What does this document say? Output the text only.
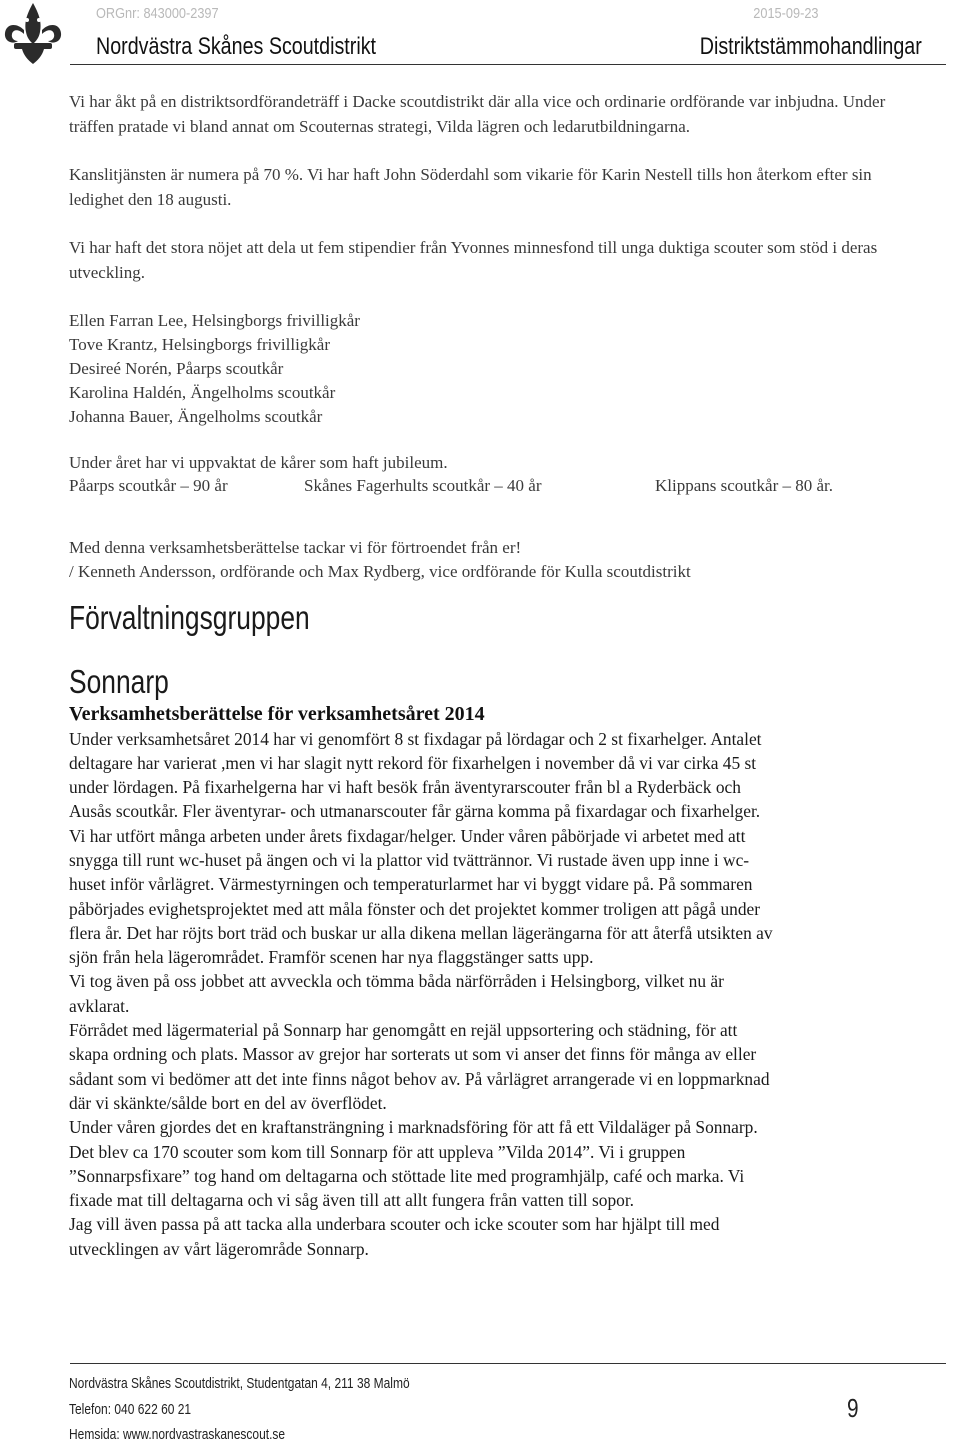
ORGnr: 843000-2397	2015-09-23
Nordvästra Skånes Scoutdistrikt	Distriktstämmohandlingar

Vi har åkt på en distriktsordförandeträff i Dacke scoutdistrikt där alla vice och ordinarie ordförande var inbjudna. Under träffen pratade vi bland annat om Scouternas strategi, Vilda lägren och ledarutbildningarna.

Kanslitjänsten är numera på 70 %. Vi har haft John Söderdahl som vikarie för Karin Nestell tills hon återkom efter sin ledighet den 18 augusti.

Vi har haft det stora nöjet att dela ut fem stipendier från Yvonnes minnesfond till unga duktiga scouter som stöd i deras utveckling.

Ellen Farran Lee, Helsingborgs frivilligkår

Tove Krantz, Helsingborgs frivilligkår

Desireé Norén, Påarps scoutkår

Karolina Haldén, Ängelholms scoutkår

Johanna Bauer, Ängelholms scoutkår

Under året har vi uppvaktat de kårer som haft jubileum.

Påarps scoutkår – 90 år	Skånes Fagerhults scoutkår – 40 år	Klippans scoutkår – 80 år.

Med denna verksamhetsberättelse tackar vi för förtroendet från er!

/ Kenneth Andersson, ordförande och Max Rydberg, vice ordförande för Kulla scoutdistrikt

Förvaltningsgruppen
Sonnarp
Verksamhetsberättelse för verksamhetsåret 2014

Under verksamhetsåret 2014 har vi genomfört 8 st fixdagar på lördagar och 2 st fixarhelger. Antalet

deltagare har varierat ,men vi har slagit nytt rekord för fixarhelgen i november då vi var cirka 45 st

under lördagen. På fixarhelgerna har vi haft besök från äventyrarscouter från bl a Ryderbäck och

Ausås scoutkår. Fler äventyrar- och utmanarscouter får gärna komma på fixardagar och fixarhelger.

Vi har utfört många arbeten under årets fixdagar/helger. Under våren påbörjade vi arbetet med att

snygga till runt wc-huset på ängen och vi la plattor vid tvättrännor. Vi rustade även upp inne i wc-

huset inför vårlägret. Värmestyrningen och temperaturlarmet har vi byggt vidare på. På sommaren

påbörjades evighetsprojektet med att måla fönster och det projektet kommer troligen att pågå under

flera år. Det har röjts bort träd och buskar ur alla dikena mellan lägerängarna för att återfå utsikten av

sjön från hela lägerområdet. Framför scenen har nya flaggstänger satts upp.

Vi tog även på oss jobbet att avveckla och tömma båda närförråden i Helsingborg, vilket nu är

avklarat.

Förrådet med lägermaterial på Sonnarp har genomgått en rejäl uppsortering och städning, för att

skapa ordning och plats. Massor av grejor har sorterats ut som vi anser det finns för många av eller

sådant som vi bedömer att det inte finns något behov av. På vårlägret arrangerade vi en loppmarknad

där vi skänkte/sålde bort en del av överflödet.

Under våren gjordes det en kraftansträngning i marknadsföring för att få ett Vildaläger på Sonnarp.

Det blev ca 170 scouter som kom till Sonnarp för att uppleva ”Vilda 2014”. Vi i gruppen

”Sonnarpsfixare” tog hand om deltagarna och stöttade lite med programhjälp, café och marka. Vi

fixade mat till deltagarna och vi såg även till att allt fungera från vatten till sopor.

Jag vill även passa på att tacka alla underbara scouter och icke scouter som har hjälpt till med

utvecklingen av vårt lägerområde Sonnarp.

Nordvästra Skånes Scoutdistrikt, Studentgatan 4, 211 38 Malmö
Telefon: 040 622 60 21
Hemsida: www.nordvastraskanescout.se
9
